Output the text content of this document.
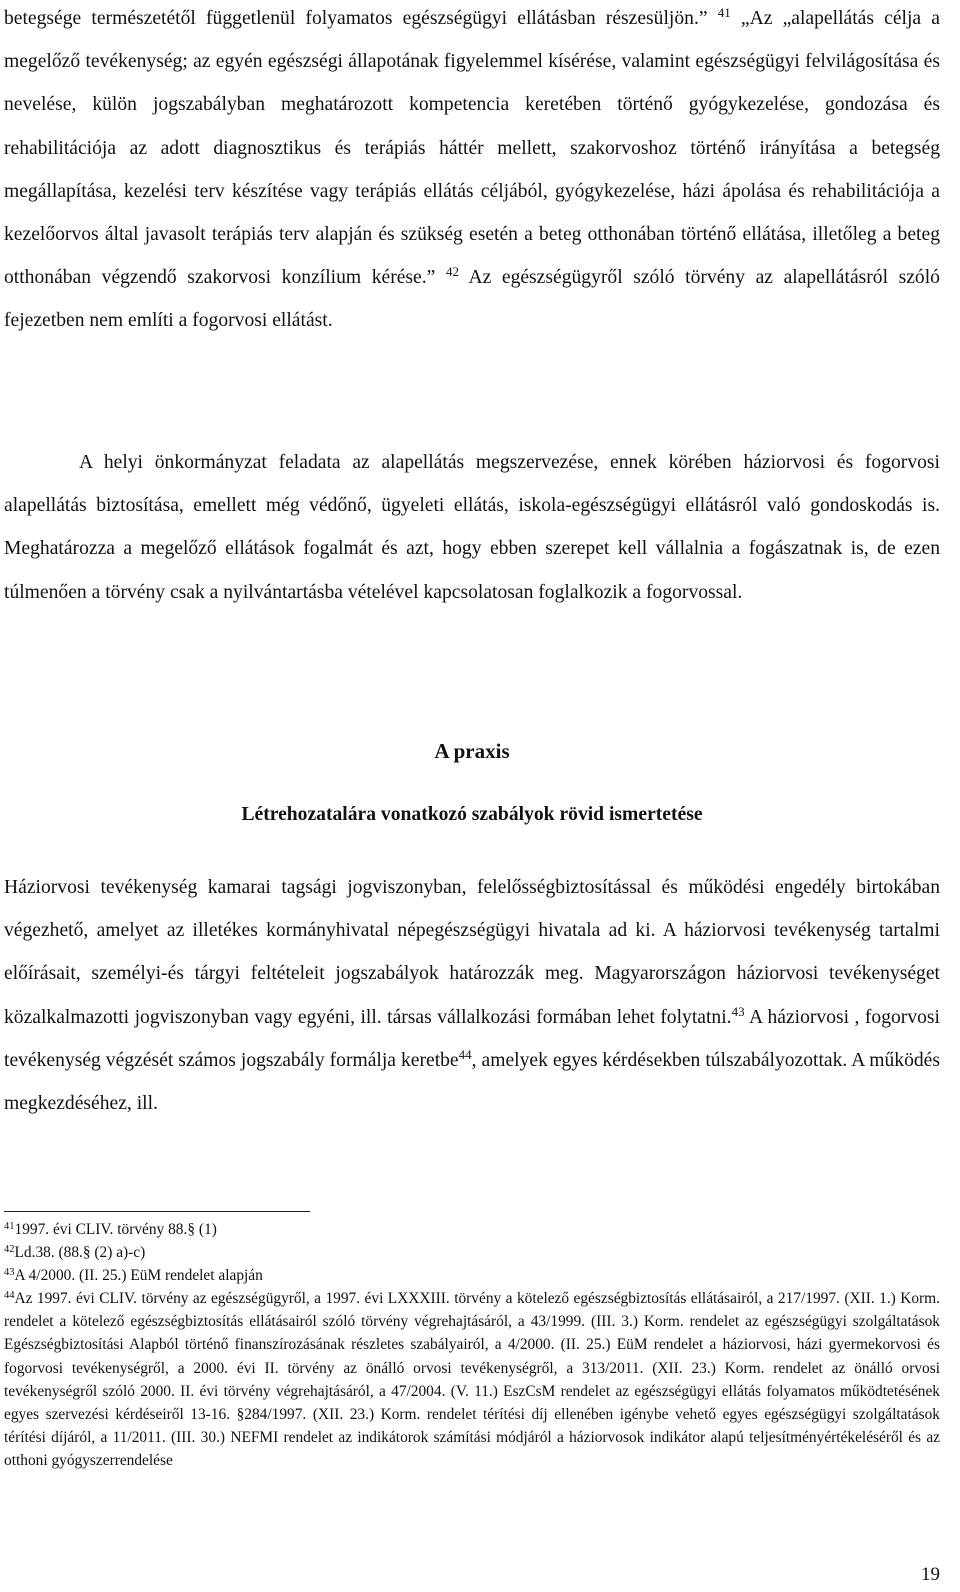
betegsége természetétől függetlenül folyamatos egészségügyi ellátásban részesüljön.” $^{41}$ „Az „alapellátás célja a megelőző tevékenység; az egyén egészségi állapotának figyelemmel kísérése, valamint egészségügyi felvilágosítása és nevelése, külön jogszabályban meghatározott kompetencia keretében történő gyógykezelése, gondozása és rehabilitációja az adott diagnosztikus és terápiás háttér mellett, szakorvoshoz történő irányítása a betegség megállapítása, kezelési terv készítése vagy terápiás ellátás céljából, gyógykezelése, házi ápolása és rehabilitációja a kezelőorvos által javasolt terápiás terv alapján és szükség esetén a beteg otthonában történő ellátása, illetőleg a beteg otthonában végzendő szakorvosi konzílium kérése.” $^{42}$ Az egészségügyről szóló törvény az alapellátásról szóló fejezetben nem említi a fogorvosi ellátást.

A helyi önkormányzat feladata az alapellátás megszervezése, ennek körében háziorvosi és fogorvosi alapellátás biztosítása, emellett még védőnő, ügyeleti ellátás, iskola-egészségügyi ellátásról való gondoskodás is. Meghatározza a megelőző ellátások fogalmát és azt, hogy ebben szerepet kell vállalnia a fogászatnak is, de ezen túlmenően a törvény csak a nyilvántartásba vételével kapcsolatosan foglalkozik a fogorvossal.

A praxis
Létrehozatalára vonatkozó szabályok rövid ismertetése

Háziorvosi tevékenység kamarai tagsági jogviszonyban, felelősségbiztosítással és működési engedély birtokában végezhető, amelyet az illetékes kormányhivatal népegészségügyi hivatala ad ki. A háziorvosi tevékenység tartalmi előírásait, személyi-és tárgyi feltételeit jogszabályok határozzák meg. Magyarországon háziorvosi tevékenységet közalkalmazotti jogviszonyban vagy egyéni, ill. társas vállalkozási formában lehet folytatni.$^{43}$ A háziorvosi , fogorvosi tevékenység végzését számos jogszabály formálja keretbe$^{44}$, amelyek egyes kérdésekben túlszabályozottak. A működés megkezdéséhez, ill.

$^{41}$1997. évi CLIV. törvény 88.§ (1)

$^{42}$Ld.38. (88.§ (2) a)-c)

$^{43}$A 4/2000. (II. 25.) EüM rendelet alapján

$^{44}$Az 1997. évi CLIV. törvény az egészségügyről, a 1997. évi LXXXIII. törvény a kötelező egészségbiztosítás ellátásairól, a 217/1997. (XII. 1.) Korm. rendelet a kötelező egészségbiztosítás ellátásairól szóló törvény végrehajtásáról, a 43/1999. (III. 3.) Korm. rendelet az egészségügyi szolgáltatások Egészségbiztosítási Alapból történő finanszírozásának részletes szabályairól, a 4/2000. (II. 25.) EüM rendelet a háziorvosi, házi gyermekorvosi és fogorvosi tevékenységről, a 2000. évi II. törvény az önálló orvosi tevékenységről, a 313/2011. (XII. 23.) Korm. rendelet az önálló orvosi tevékenységről szóló 2000. II. évi törvény végrehajtásáról, a 47/2004. (V. 11.) EszCsM rendelet az egészségügyi ellátás folyamatos működtetésének egyes szervezési kérdéseiről 13-16. §284/1997. (XII. 23.) Korm. rendelet térítési díj ellenében igénybe vehető egyes egészségügyi szolgáltatások térítési díjáról, a 11/2011. (III. 30.) NEFMI rendelet az indikátorok számítási módjáról a háziorvosok indikátor alapú teljesítményértékeléséről és az otthoni gyógyszerrendelése

19
